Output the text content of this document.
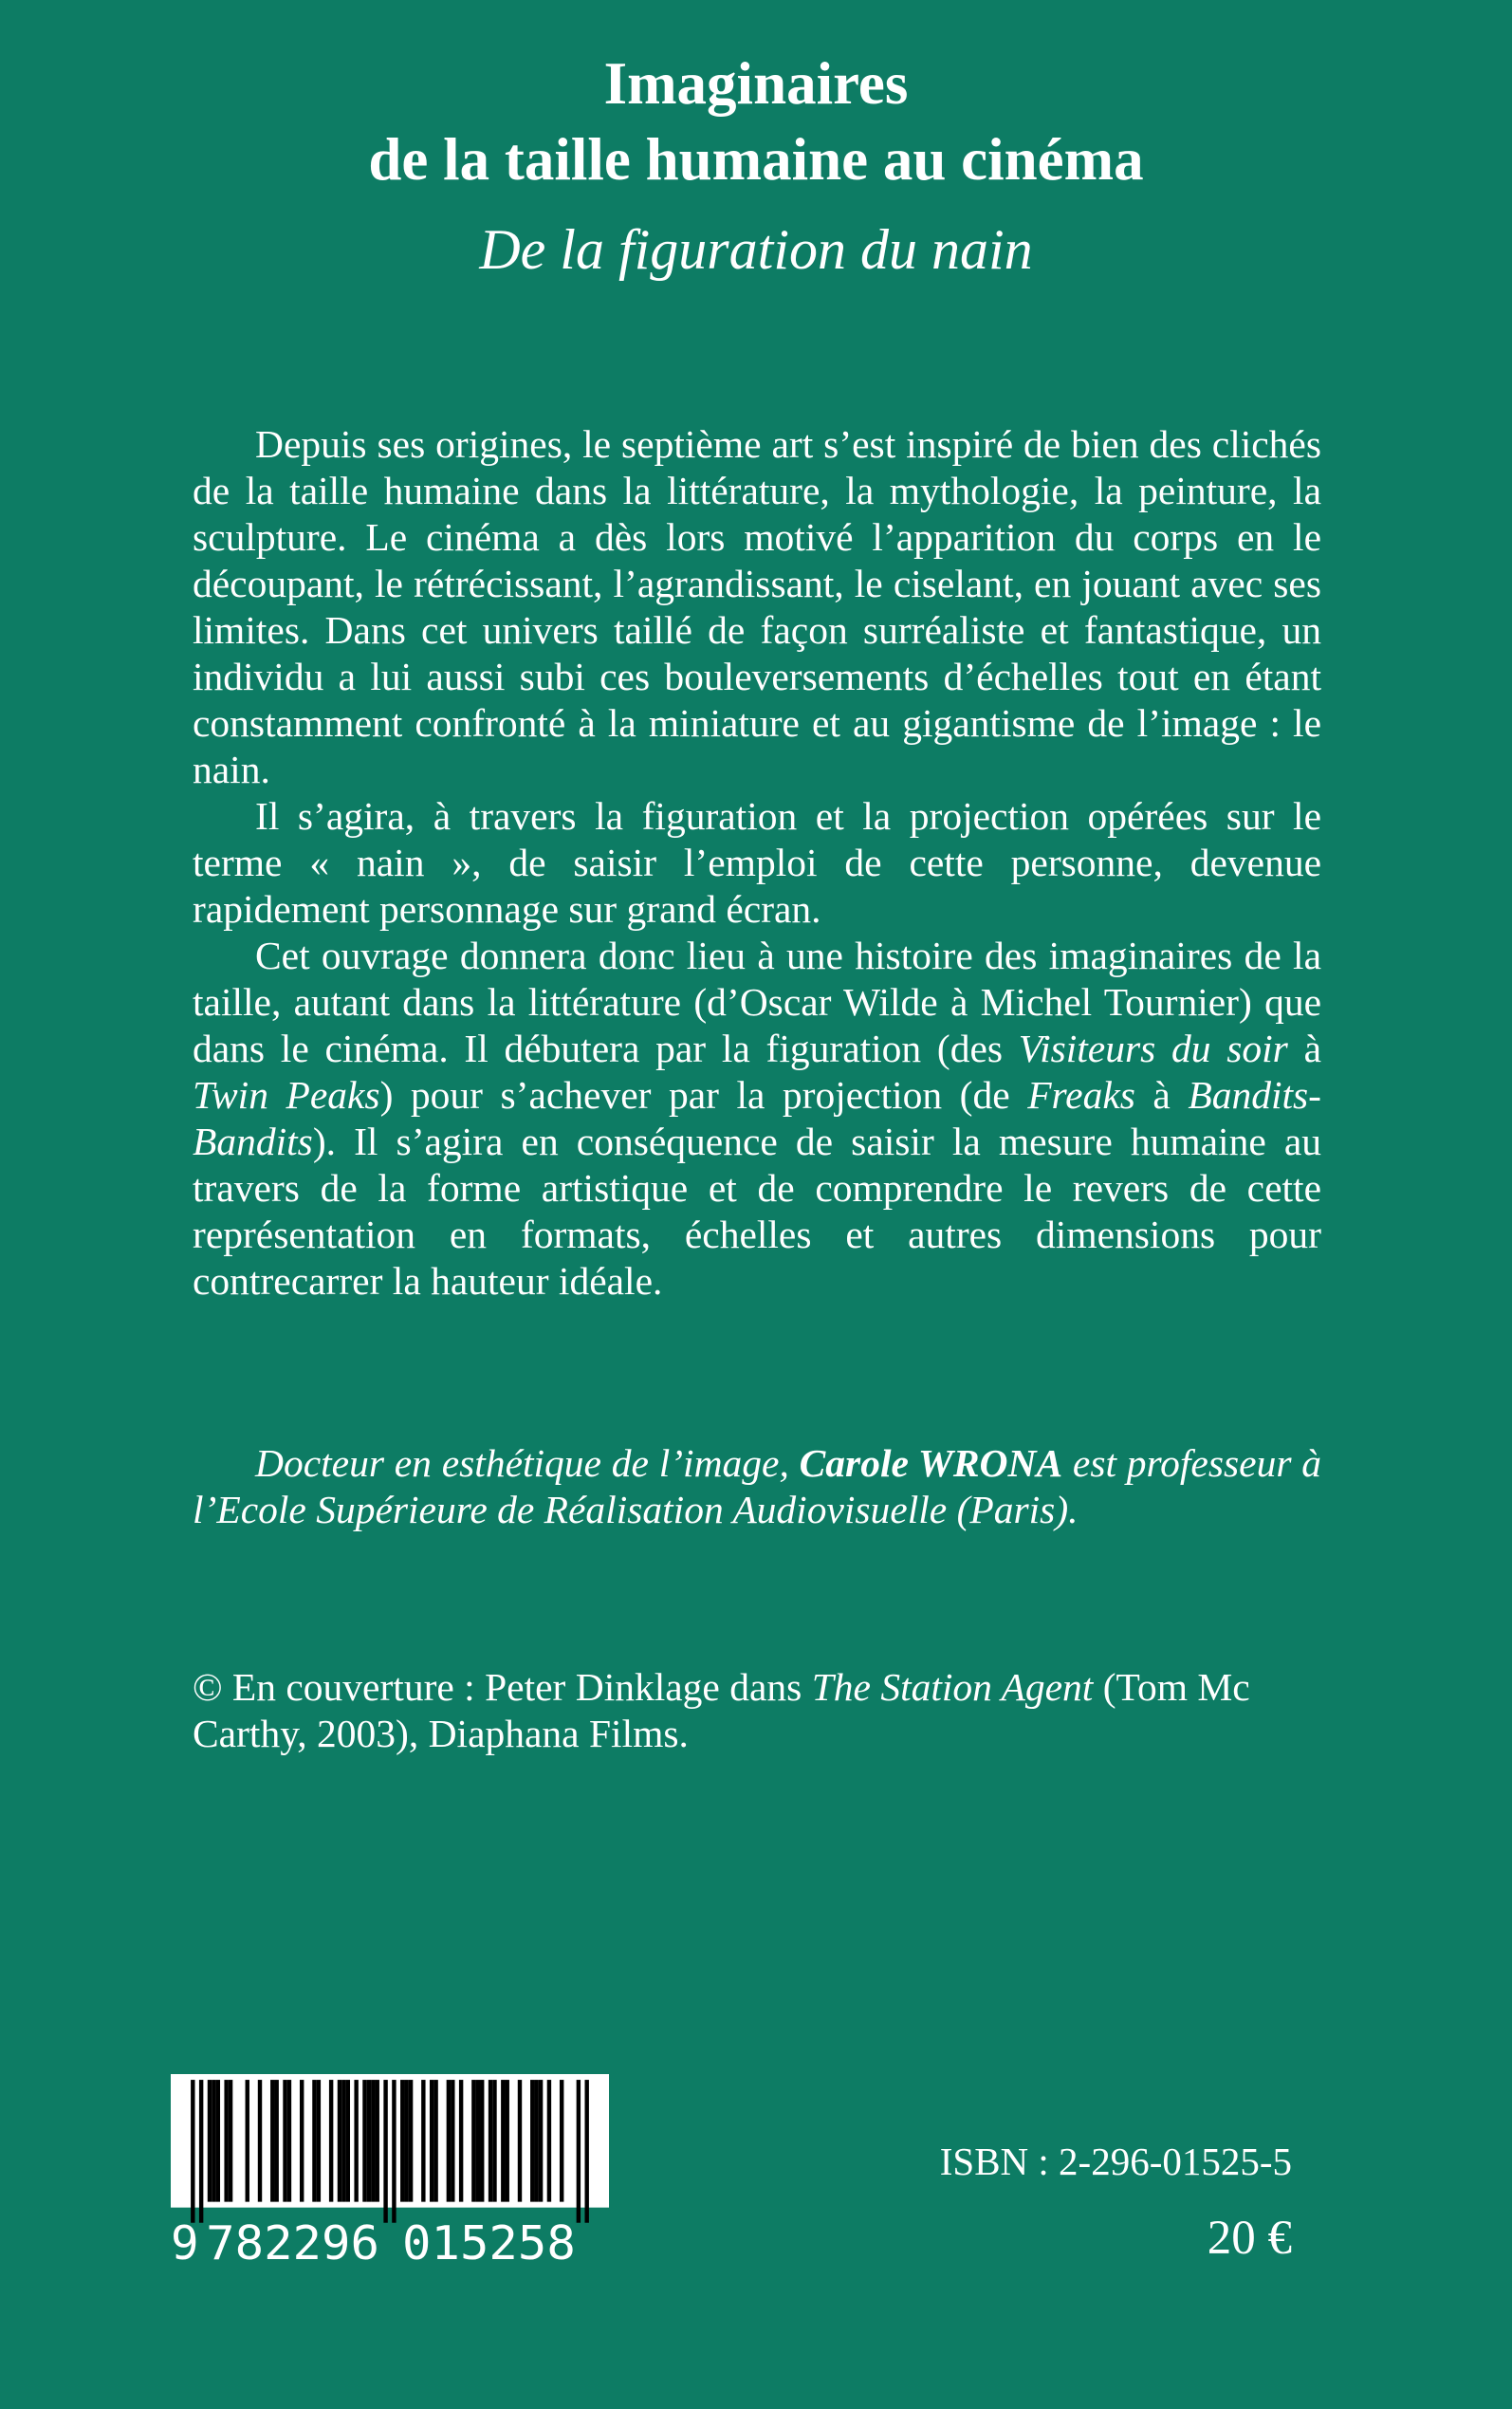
Imaginaires
de la taille humaine au cinéma
De la figuration du nain

Depuis ses origines, le septième art s’est inspiré de bien des clichés de la taille humaine dans la littérature, la mythologie, la peinture, la sculpture. Le cinéma a dès lors motivé l’apparition du corps en le découpant, le rétrécissant, l’agrandissant, le ciselant, en jouant avec ses limites. Dans cet univers taillé de façon surréaliste et fantastique, un individu a lui aussi subi ces bouleversements d’échelles tout en étant constamment confronté à la miniature et au gigantisme de l’image : le nain.

Il s’agira, à travers la figuration et la projection opérées sur le terme « nain », de saisir l’emploi de cette personne, devenue rapidement personnage sur grand écran.

Cet ouvrage donnera donc lieu à une histoire des imaginaires de la taille, autant dans la littérature (d’Oscar Wilde à Michel Tournier) que dans le cinéma. Il débutera par la figuration (des Visiteurs du soir à Twin Peaks) pour s’achever par la projection (de Freaks à Bandits-Bandits). Il s’agira en conséquence de saisir la mesure humaine au travers de la forme artistique et de comprendre le revers de cette représentation en formats, échelles et autres dimensions pour contrecarrer la hauteur idéale.

Docteur en esthétique de l’image, Carole WRONA est professeur à l’Ecole Supérieure de Réalisation Audiovisuelle (Paris).
© En couverture : Peter Dinklage dans The Station Agent (Tom Mc Carthy, 2003), Diaphana Films.
9 782296 015258

ISBN : 2-296-01525-5

20 €
